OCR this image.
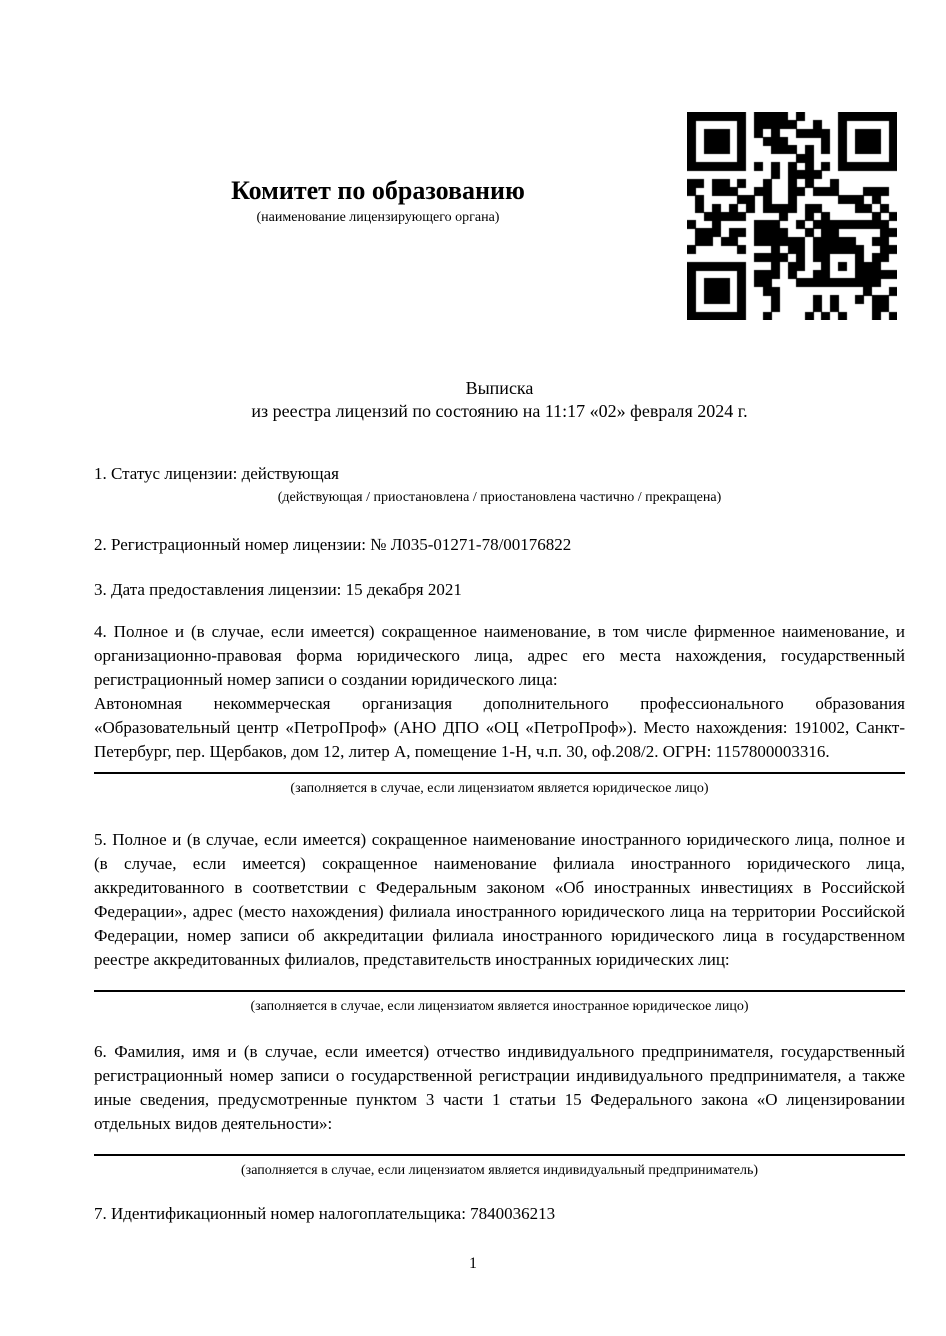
Комитет по образованию
(наименование лицензирующего органа)
Выписка
из реестра лицензий по состоянию на 11:17 «02» февраля 2024 г.

1. Статус лицензии: действующая

(действующая / приостановлена / приостановлена частично / прекращена)

2. Регистрационный номер лицензии: № Л035-01271-78/00176822

3. Дата предоставления лицензии: 15 декабря 2021

4. Полное и (в случае, если имеется) сокращенное наименование, в том числе фирменное наименование, и организационно-правовая форма юридического лица, адрес его места нахождения, государственный регистрационный номер записи о создании юридического лица:

Автономная некоммерческая организация дополнительного профессионального образования «Образовательный центр «ПетроПроф» (АНО ДПО «ОЦ «ПетроПроф»). Место нахождения: 191002, Санкт-Петербург, пер. Щербаков, дом 12, литер А, помещение 1-Н, ч.п. 30, оф.208/2. ОГРН: 1157800003316.

(заполняется в случае, если лицензиатом является юридическое лицо)

5. Полное и (в случае, если имеется) сокращенное наименование иностранного юридического лица, полное и (в случае, если имеется) сокращенное наименование филиала иностранного юридического лица, аккредитованного в соответствии с Федеральным законом «Об иностранных инвестициях в Российской Федерации», адрес (место нахождения) филиала иностранного юридического лица на территории Российской Федерации, номер записи об аккредитации филиала иностранного юридического лица в государственном реестре аккредитованных филиалов, представительств иностранных юридических лиц:

(заполняется в случае, если лицензиатом является иностранное юридическое лицо)

6. Фамилия, имя и (в случае, если имеется) отчество индивидуального предпринимателя, государственный регистрационный номер записи о государственной регистрации индивидуального предпринимателя, а также иные сведения, предусмотренные пунктом 3 части 1 статьи 15 Федерального закона «О лицензировании отдельных видов деятельности»:

(заполняется в случае, если лицензиатом является индивидуальный предприниматель)

7. Идентификационный номер налогоплательщика: 7840036213

1
